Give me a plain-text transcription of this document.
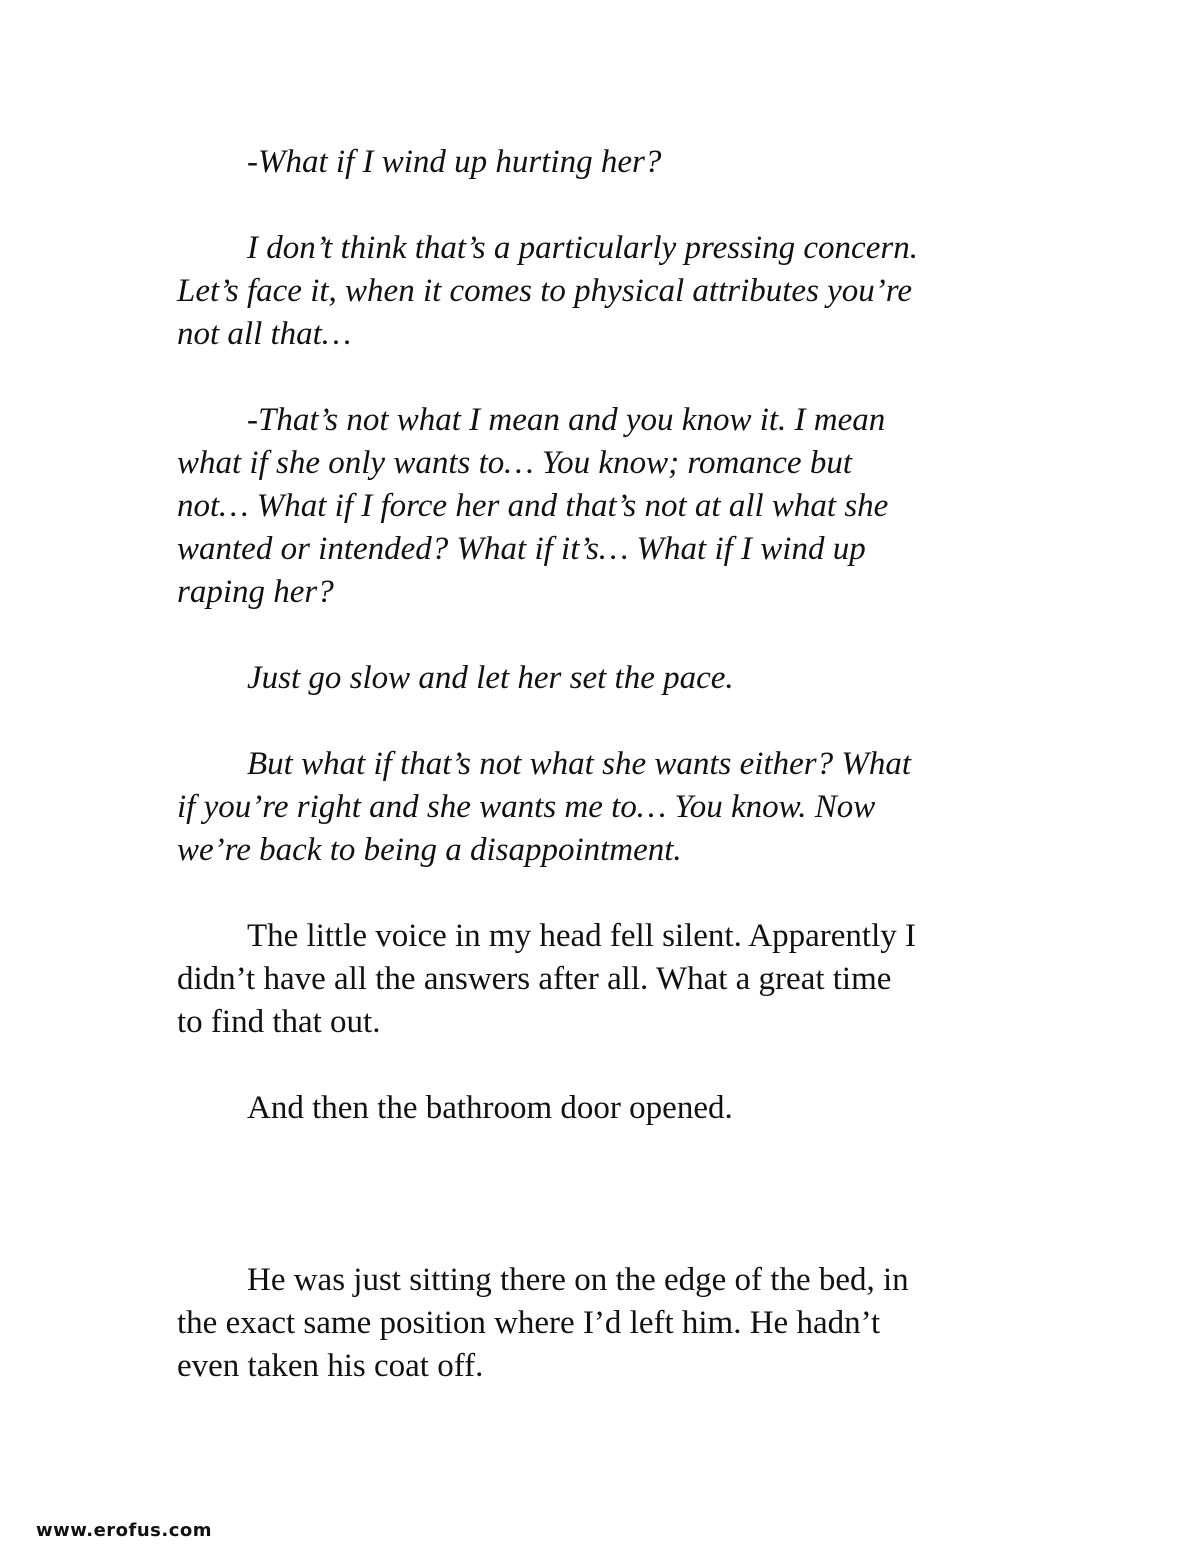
-What if I wind up hurting her?

I don’t think that’s a particularly pressing concern.

Let’s face it, when it comes to physical attributes you’re

not all that…

-That’s not what I mean and you know it. I mean

what if she only wants to… You know; romance but

not… What if I force her and that’s not at all what she

wanted or intended? What if it’s… What if I wind up

raping her?

Just go slow and let her set the pace.

But what if that’s not what she wants either? What

if you’re right and she wants me to… You know. Now

we’re back to being a disappointment.

The little voice in my head fell silent. Apparently I

didn’t have all the answers after all. What a great time

to find that out.

And then the bathroom door opened.

He was just sitting there on the edge of the bed, in

the exact same position where I’d left him. He hadn’t

even taken his coat off.

www.erofus.com
